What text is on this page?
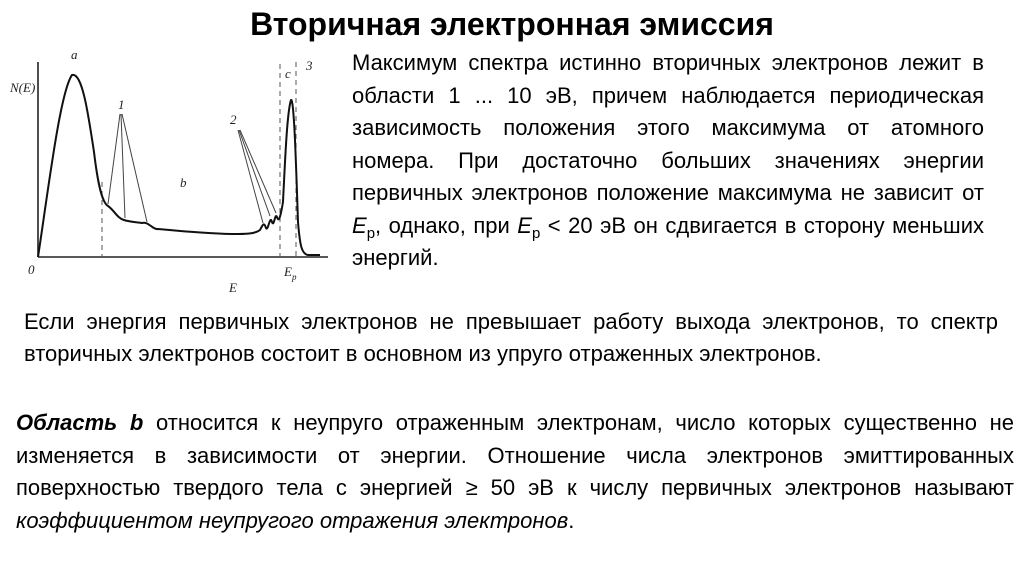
Вторичная электронная эмиссия
N(E)
a
1
b
2
c
3
0
E
$E_p$
Максимум спектра истинно вторичных электронов лежит в области 1 ... 10 эВ, причем наблюдается периодическая зависимость положения этого максимума от атомного номера. При достаточно больших значениях энергии первичных электронов положение максимума не зависит от $E_p$, однако, при $E_p < 20$ эВ он сдвигается в сторону меньших энергий.
Если энергия первичных электронов не превышает работу выхода электронов, то спектр вторичных электронов состоит в основном из упруго отраженных электронов.
Область b относится к неупруго отраженным электронам, число которых существенно не изменяется в зависимости от энергии. Отношение числа электронов эмиттированных поверхностью твердого тела с энергией ≥ 50 эВ к числу первичных электронов называют коэффициентом неупругого отражения электронов.
